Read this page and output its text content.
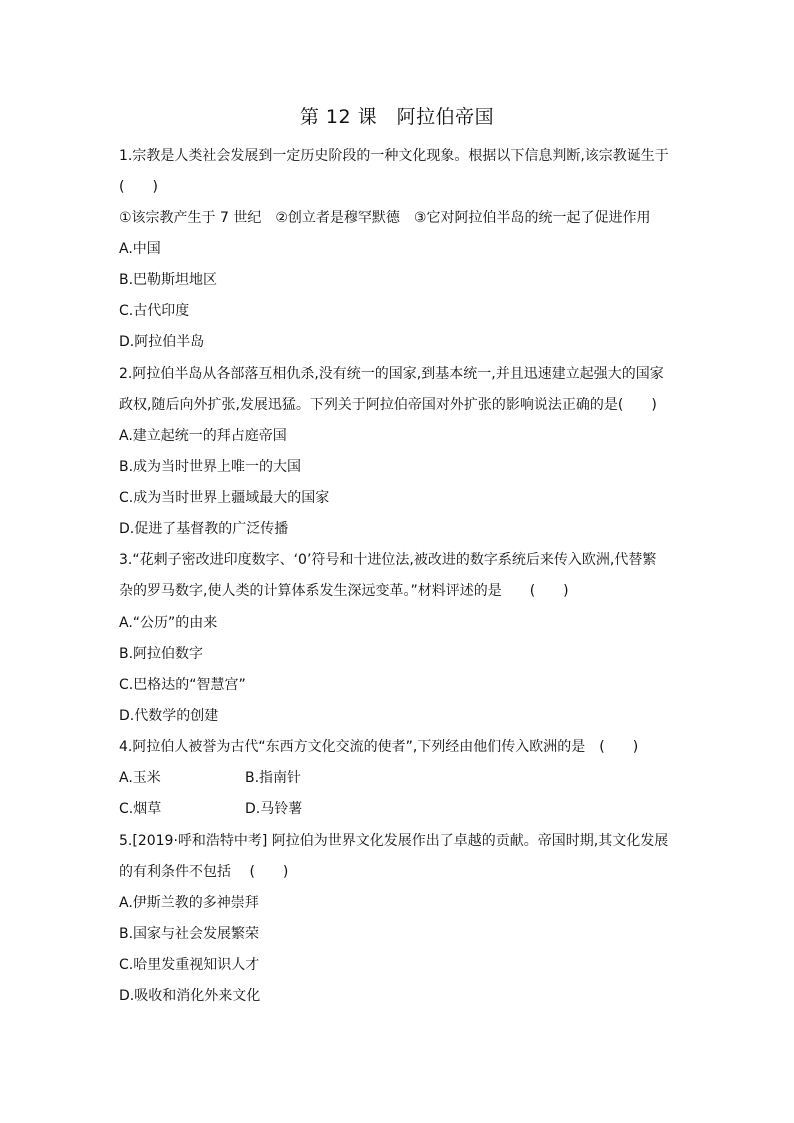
第 12 课　阿拉伯帝国
1.宗教是人类社会发展到一定历史阶段的一种文化现象。根据以下信息判断,该宗教诞生于
(　　)
①该宗教产生于 7 世纪　②创立者是穆罕默德　③它对阿拉伯半岛的统一起了促进作用
A.中国
B.巴勒斯坦地区
C.古代印度
D.阿拉伯半岛
2.阿拉伯半岛从各部落互相仇杀,没有统一的国家,到基本统一,并且迅速建立起强大的国家
政权,随后向外扩张,发展迅猛。下列关于阿拉伯帝国对外扩张的影响说法正确的是(　　)
A.建立起统一的拜占庭帝国
B.成为当时世界上唯一的大国
C.成为当时世界上疆域最大的国家
D.促进了基督教的广泛传播
3.“花剌子密改进印度数字、‘0’符号和十进位法,被改进的数字系统后来传入欧洲,代替繁
杂的罗马数字,使人类的计算体系发生深远变革。”材料评述的是　　(　　)
A.“公历”的由来
B.阿拉伯数字
C.巴格达的“智慧宫”
D.代数学的创建
4.阿拉伯人被誉为古代“东西方文化交流的使者”,下列经由他们传入欧洲的是　(　　)
A.玉米	B.指南针
C.烟草	D.马铃薯
5.[2019·呼和浩特中考] 阿拉伯为世界文化发展作出了卓越的贡献。帝国时期,其文化发展
的有利条件不包括　 (　　)
A.伊斯兰教的多神崇拜
B.国家与社会发展繁荣
C.哈里发重视知识人才
D.吸收和消化外来文化
